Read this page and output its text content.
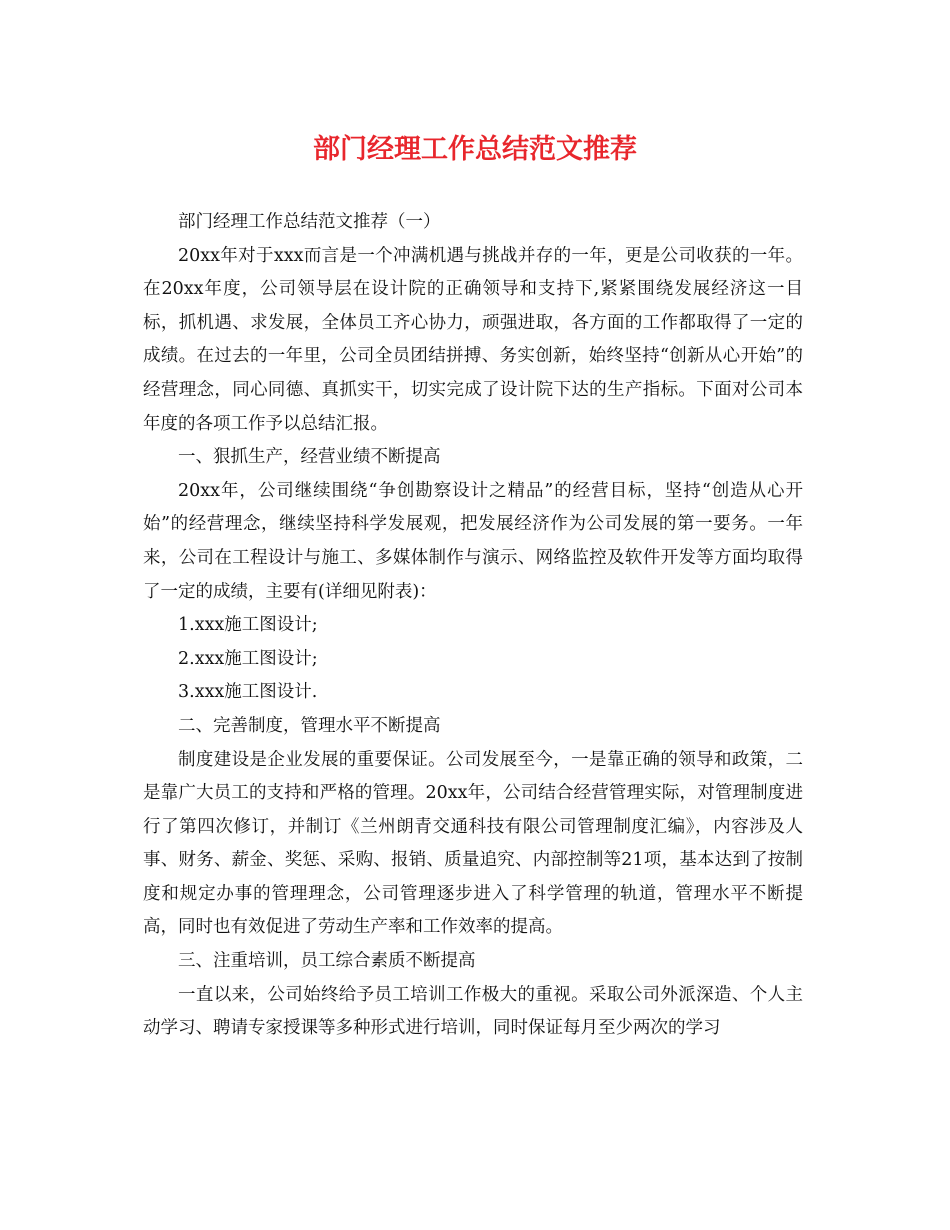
部门经理工作总结范文推荐

部门经理工作总结范文推荐（一）

20xx年对于xxx而言是一个冲满机遇与挑战并存的一年，更是公司收获的一年。在20xx年度，公司领导层在设计院的正确领导和支持下,紧紧围绕发展经济这一目标，抓机遇、求发展，全体员工齐心协力，顽强进取，各方面的工作都取得了一定的成绩。在过去的一年里，公司全员团结拼搏、务实创新，始终坚持“创新从心开始”的经营理念，同心同德、真抓实干，切实完成了设计院下达的生产指标。下面对公司本年度的各项工作予以总结汇报。

一、狠抓生产，经营业绩不断提高

20xx年，公司继续围绕“争创勘察设计之精品”的经营目标，坚持“创造从心开始”的经营理念，继续坚持科学发展观，把发展经济作为公司发展的第一要务。一年来，公司在工程设计与施工、多媒体制作与演示、网络监控及软件开发等方面均取得了一定的成绩，主要有(详细见附表)：

1.xxx施工图设计;

2.xxx施工图设计;

3.xxx施工图设计.

二、完善制度，管理水平不断提高

制度建设是企业发展的重要保证。公司发展至今，一是靠正确的领导和政策，二是靠广大员工的支持和严格的管理。20xx年，公司结合经营管理实际，对管理制度进行了第四次修订，并制订《兰州朗青交通科技有限公司管理制度汇编》，内容涉及人事、财务、薪金、奖惩、采购、报销、质量追究、内部控制等21项，基本达到了按制度和规定办事的管理理念，公司管理逐步进入了科学管理的轨道，管理水平不断提高，同时也有效促进了劳动生产率和工作效率的提高。

三、注重培训，员工综合素质不断提高

一直以来，公司始终给予员工培训工作极大的重视。采取公司外派深造、个人主动学习、聘请专家授课等多种形式进行培训，同时保证每月至少两次的学习
